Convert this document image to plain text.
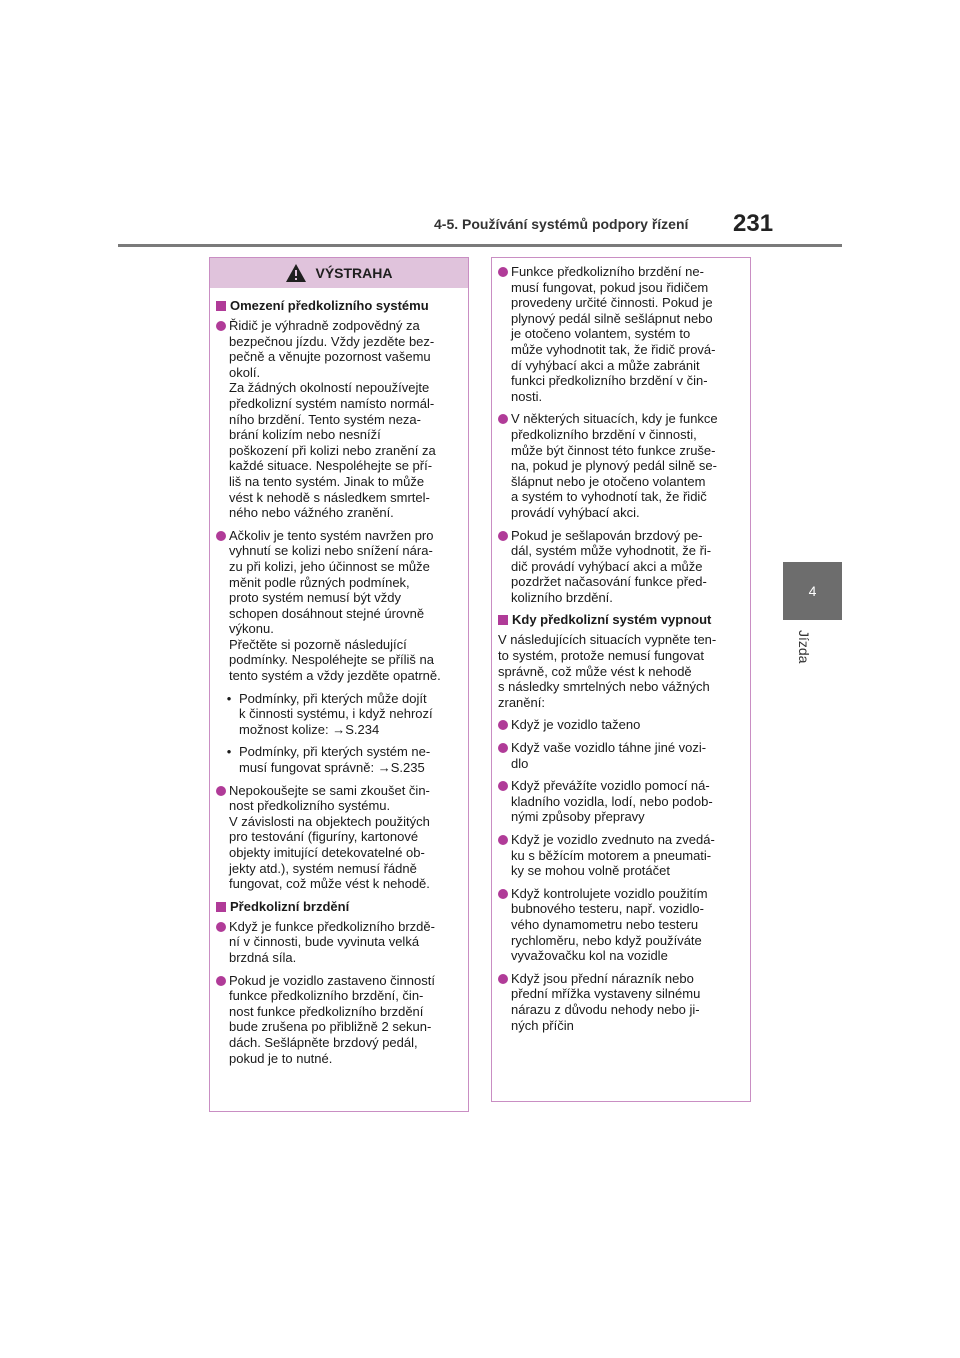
4-5. Používání systémů podpory řízení 231
4
Jízda
VÝSTRAHA
Omezení předkolizního systému
Řidič je výhradně zodpovědný za
bezpečnou jízdu. Vždy jezděte bez-
pečně a věnujte pozornost vašemu
okolí.
Za žádných okolností nepoužívejte
předkolizní systém namísto normál-
ního brzdění. Tento systém neza-
brání kolizím nebo nesníží
poškození při kolizi nebo zranění za
každé situace. Nespoléhejte se pří-
liš na tento systém. Jinak to může
vést k nehodě s následkem smrtel-
ného nebo vážného zranění.
Ačkoliv je tento systém navržen pro
vyhnutí se kolizi nebo snížení nára-
zu při kolizi, jeho účinnost se může
měnit podle různých podmínek,
proto systém nemusí být vždy
schopen dosáhnout stejné úrovně
výkonu.
Přečtěte si pozorně následující
podmínky. Nespoléhejte se příliš na
tento systém a vždy jezděte opatrně.
• Podmínky, při kterých může dojít
k činnosti systému, i když nehrozí
možnost kolize: →S.234
• Podmínky, při kterých systém ne-
musí fungovat správně: →S.235
Nepokoušejte se sami zkoušet čin-
nost předkolizního systému.
V závislosti na objektech použitých
pro testování (figuríny, kartonové
objekty imitující detekovatelné ob-
jekty atd.), systém nemusí řádně
fungovat, což může vést k nehodě.
Předkolizní brzdění
Když je funkce předkolizního brzdě-
ní v činnosti, bude vyvinuta velká
brzdná síla.
Pokud je vozidlo zastaveno činností
funkce předkolizního brzdění, čin-
nost funkce předkolizního brzdění
bude zrušena po přibližně 2 sekun-
dách. Sešlápněte brzdový pedál,
pokud je to nutné.
Funkce předkolizního brzdění ne-
musí fungovat, pokud jsou řidičem
provedeny určité činnosti. Pokud je
plynový pedál silně sešlápnut nebo
je otočeno volantem, systém to
může vyhodnotit tak, že řidič prová-
dí vyhýbací akci a může zabránit
funkci předkolizního brzdění v čin-
nosti.
V některých situacích, kdy je funkce
předkolizního brzdění v činnosti,
může být činnost této funkce zruše-
na, pokud je plynový pedál silně se-
šlápnut nebo je otočeno volantem
a systém to vyhodnotí tak, že řidič
provádí vyhýbací akci.
Pokud je sešlapován brzdový pe-
dál, systém může vyhodnotit, že ři-
dič provádí vyhýbací akci a může
pozdržet načasování funkce před-
kolizního brzdění.
Kdy předkolizní systém vypnout
V následujících situacích vypněte ten-
to systém, protože nemusí fungovat
správně, což může vést k nehodě
s následky smrtelných nebo vážných
zranění:
Když je vozidlo taženo
Když vaše vozidlo táhne jiné vozi-
dlo
Když převážíte vozidlo pomocí ná-
kladního vozidla, lodí, nebo podob-
nými způsoby přepravy
Když je vozidlo zvednuto na zvedá-
ku s běžícím motorem a pneumati-
ky se mohou volně protáčet
Když kontrolujete vozidlo použitím
bubnového testeru, např. vozidlo-
vého dynamometru nebo testeru
rychloměru, nebo když používáte
vyvažovačku kol na vozidle
Když jsou přední nárazník nebo
přední mřížka vystaveny silnému
nárazu z důvodu nehody nebo ji-
ných příčin
